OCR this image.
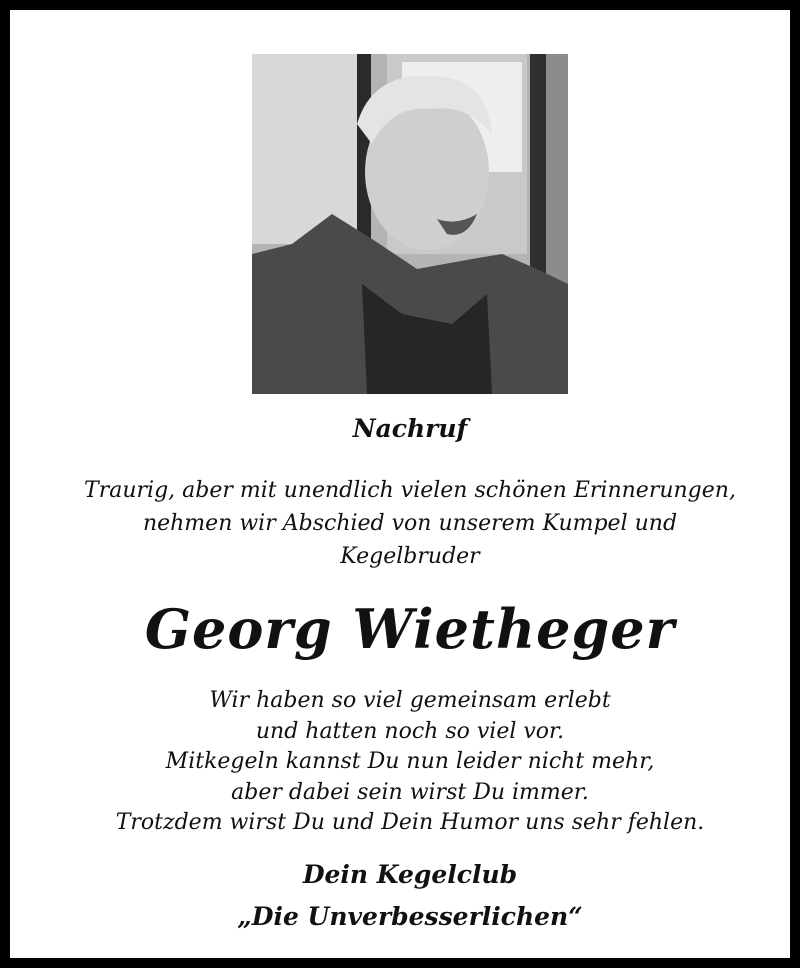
Nachruf
Traurig, aber mit unendlich vielen schönen Erinnerungen,
nehmen wir Abschied von unserem Kumpel und
Kegelbruder
Georg Wietheger
Wir haben so viel gemeinsam erlebt
und hatten noch so viel vor.
Mitkegeln kannst Du nun leider nicht mehr,
aber dabei sein wirst Du immer.
Trotzdem wirst Du und Dein Humor uns sehr fehlen.
Dein Kegelclub
„Die Unverbesserlichen“
